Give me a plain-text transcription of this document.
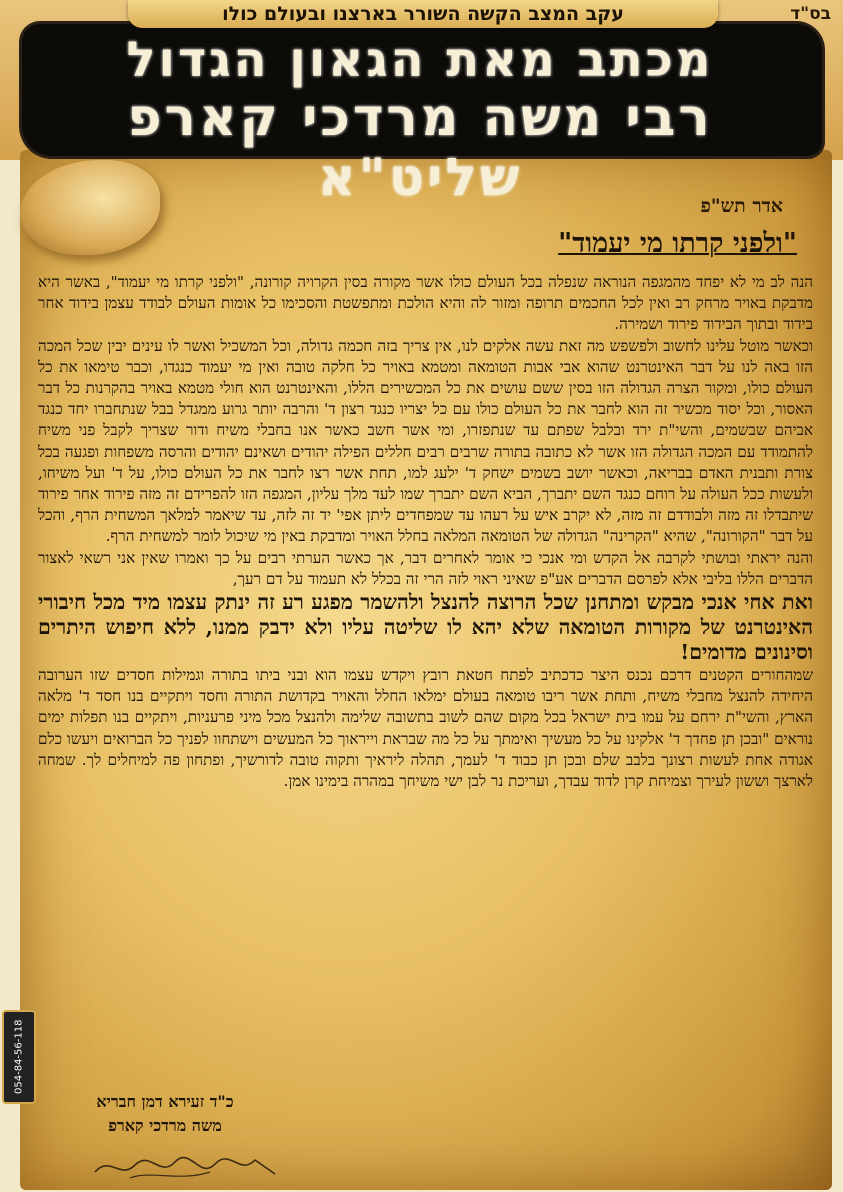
עקב המצב הקשה השורר בארצנו ובעולם כולו	בס"ד
מכתב מאת הגאון הגדול
רבי משה מרדכי קארפ שליט"א	אדר תש"פ
"ולפני קרתו מי יעמוד"

הנה לב מי לא יפחד מהמגפה הנוראה שנפלה בכל העולם כולו אשר מקורה בסין הקרויה קורונה, "ולפני קרתו מי יעמוד", באשר היא מדבקת באויר מרחק רב ואין לכל החכמים תרופה ומזור לה והיא הולכת ומתפשטת והסכימו כל אומות העולם לבודד עצמן בידוד אחר בידוד ובתוך הבידוד פירוד ושמירה.

וכאשר מוטל עלינו לחשוב ולפשפש מה זאת עשה אלקים לנו, אין צריך בזה חכמה גדולה, וכל המשכיל ואשר לו עינים יבין שכל המכה הזו באה לנו על דבר האינטרנט שהוא אבי אבות הטומאה ומטמא באויר כל חלקה טובה ואין מי יעמוד כנגדו, וכבר טימאו את כל העולם כולו, ומקור הצרה הגדולה הזו בסין ששם עושים את כל המכשירים הללו, והאינטרנט הוא חולי מטמא באויר בהקרנות כל דבר האסור, וכל יסוד מכשיר זה הוא לחבר את כל העולם כולו עם כל יצריו כנגד רצון ד' והרבה יותר גרוע ממגדל בבל שנתחברו יחד כנגד אביהם שבשמים, והשי"ת ירד ובלבל שפתם עד שנתפזרו, ומי אשר חשב כאשר אנו בחבלי משיח ודור שצריך לקבל פני משיח להתמודד עם המכה הגדולה הזו אשר לא כתובה בתורה שרבים רבים חללים הפילה יהודים ושאינם יהודים והרסה משפחות ופגעה בכל צורת ותבנית האדם בבריאה, וכאשר יושב בשמים ישחק ד' ילעג למו, תחת אשר רצו לחבר את כל העולם כולו, על ד' ועל משיחו, ולעשות ככל העולה על רוחם כנגד השם יתברך, הביא השם יתברך שמו לעד מלך עליון, המגפה הזו להפרידם זה מזה פירוד אחר פירוד שיתבדלו זה מזה ולבודדם זה מזה, לא יקרב איש על רעהו עד שמפחדים ליתן אפי' יד זה לזה, עד שיאמר למלאך המשחית הרף, והכל על דבר "הקורונה", שהיא "הקרינה" הגדולה של הטומאה המלאה בחלל האויר ומדבקת באין מי שיכול לומר למשחית הרף.

והנה יראתי ובושתי לקרבה אל הקדש ומי אנכי כי אומר לאחרים דבר, אך כאשר הערתי רבים על כך ואמרו שאין אני רשאי לאצור הדברים הללו בליבי אלא לפרסם הדברים אע"פ שאיני ראוי לזה הרי זה בכלל לא תעמוד על דם רעך,

ואת אחי אנכי מבקש ומתחנן שכל הרוצה להנצל ולהשמר מפגע רע זה ינתק עצמו מיד מכל חיבורי האינטרנט של מקורות הטומאה שלא יהא לו שליטה עליו ולא ידבק ממנו, ללא חיפוש היתרים וסינונים מדומים!

שמהחורים הקטנים דרכם נכנס היצר כדכתיב לפתח חטאת רובץ ויקדש עצמו הוא ובני ביתו בתורה וגמילות חסדים שזו הערובה היחידה להנצל מחבלי משיח, ותחת אשר ריבו טומאה בעולם ימלאו החלל והאויר בקדושת התורה וחסד ויתקיים בנו חסד ד' מלאה הארץ, והשי"ת ירחם על עמו בית ישראל בכל מקום שהם לשוב בתשובה שלימה ולהנצל מכל מיני פרעניות, ויתקיים בנו תפלות ימים נוראים "ובכן תן פחדך ד' אלקינו על כל מעשיך ואימתך על כל מה שבראת וייראוך כל המעשים וישתחוו לפניך כל הברואים ויעשו כלם אגודה אחת לעשות רצונך בלבב שלם ובכן תן כבוד ד' לעמך, תהלה ליראיך ותקוה טובה לדורשיך, ופתחון פה למיחלים לך. שמחה לארצך וששון לעירך וצמיחת קרן לדוד עבדך, ועריכת נר לבן ישי משיחך במהרה בימינו אמן.

כ"ד זעירא דמן חבריא
משה מרדכי קארפ
054-84-56-118
